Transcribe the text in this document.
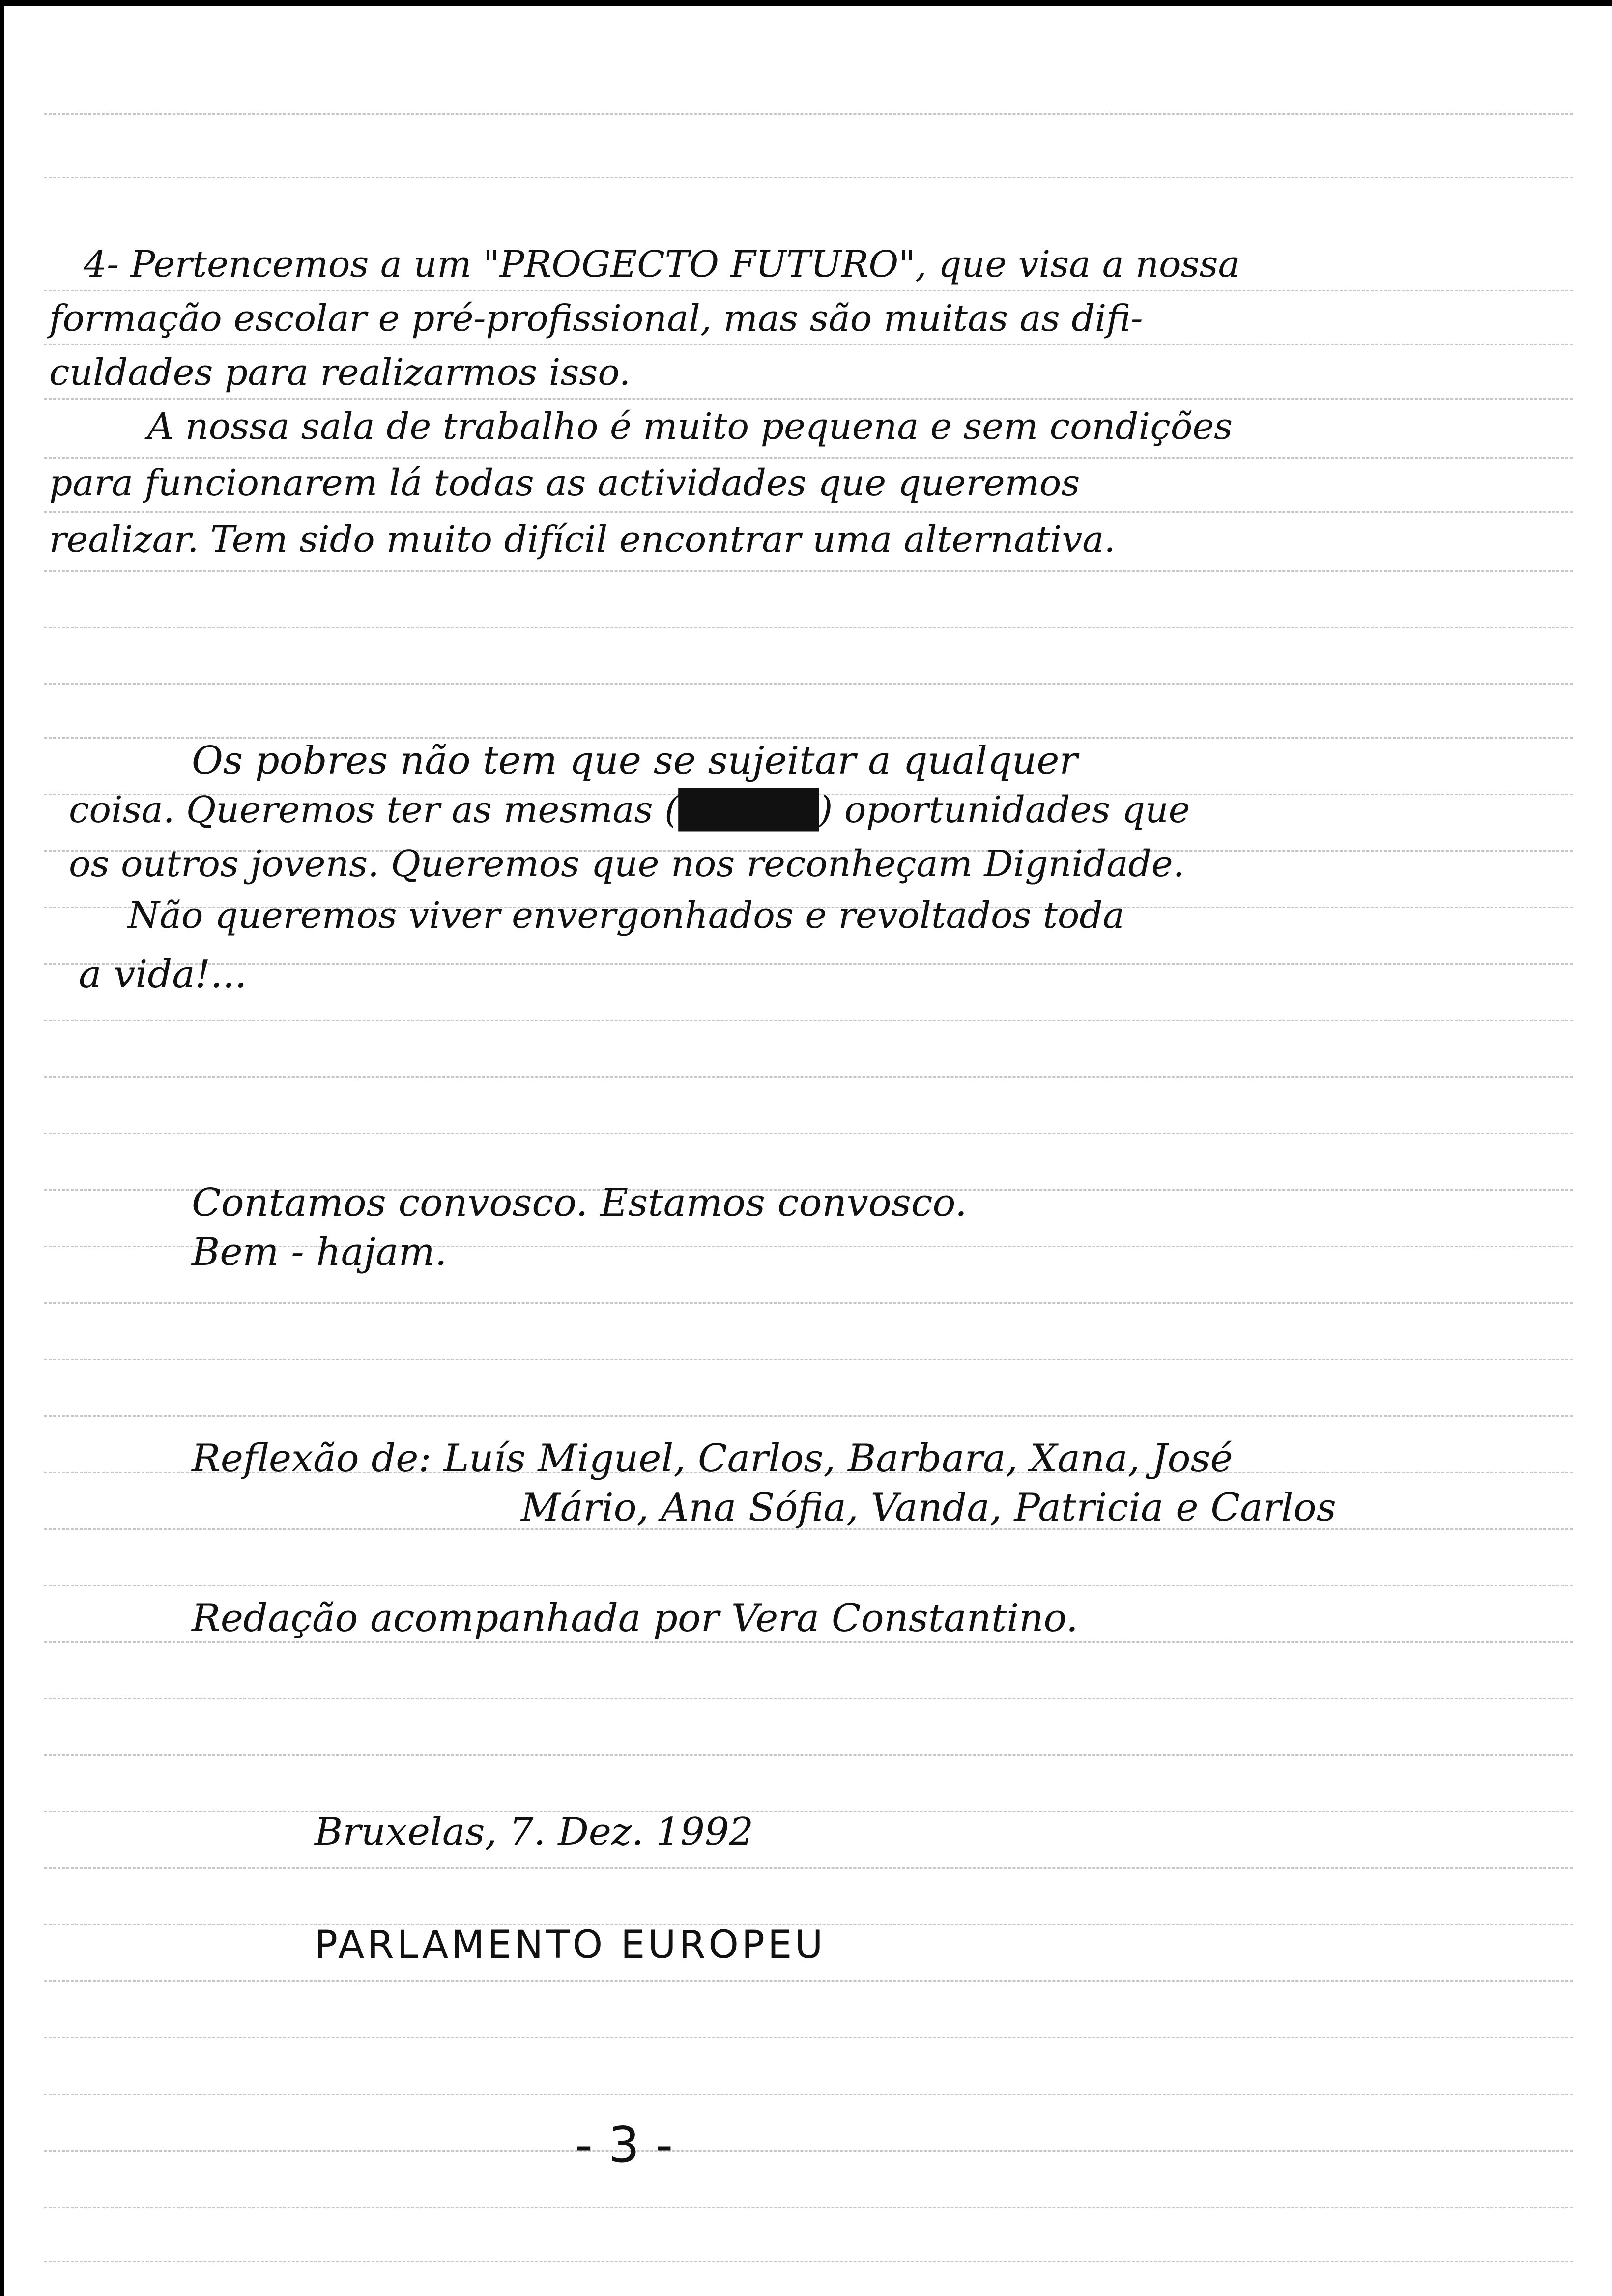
4- Pertencemos a um "PROGECTO FUTURO", que visa a nossa
formação escolar e pré-profissional, mas são muitas as difi-
culdades para realizarmos isso.
A nossa sala de trabalho é muito pequena e sem condições
para funcionarem lá todas as actividades que queremos
realizar. Tem sido muito difícil encontrar uma alternativa.
Os pobres não tem que se sujeitar a qualquer
coisa. Queremos ter as mesmas (█████) oportunidades que
os outros jovens. Queremos que nos reconheçam Dignidade.
Não queremos viver envergonhados e revoltados toda
a vida!...
Contamos convosco. Estamos convosco.
Bem - hajam.
Reflexão de: Luís Miguel, Carlos, Barbara, Xana, José
Mário, Ana Sófia, Vanda, Patricia e Carlos
Redação acompanhada por Vera Constantino.
Bruxelas, 7. Dez. 1992
PARLAMENTO EUROPEU
- 3 -
